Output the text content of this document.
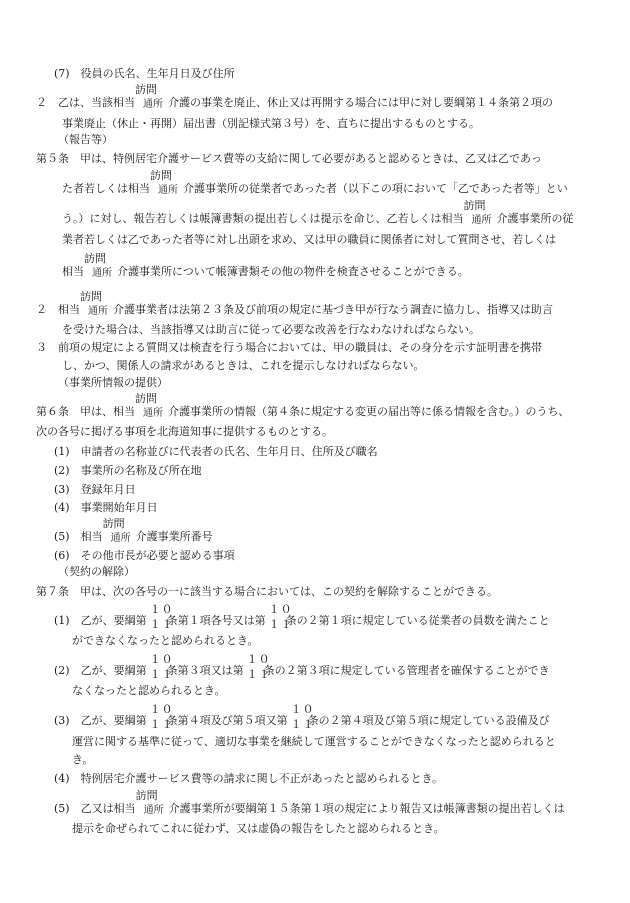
(7)　役員の氏名、生年月日及び住所
２　乙は、当該相当
訪問
通所 介護の事業を廃止、休止又は再開する場合には甲に対し要綱第１４条第２項の
事業廃止（休止・再開）届出書（別記様式第３号）を、直ちに提出するものとする。
（報告等）
第５条　甲は、特例居宅介護サービス費等の支給に関して必要があると認めるときは、乙又は乙であっ
た者若しくは相当
訪問
通所 介護事業所の従業者であった者（以下この項において「乙であった者等」とい
う。）に対し、報告若しくは帳簿書類の提出若しくは提示を命じ、乙若しくは相当
訪問
通所 介護事業所の従
業者若しくは乙であった者等に対し出頭を求め、又は甲の職員に関係者に対して質問させ、若しくは
相当
訪問
通所 介護事業所について帳簿書類その他の物件を検査させることができる。
２　相当
訪問
通所 介護事業者は法第２３条及び前項の規定に基づき甲が行なう調査に協力し、指導又は助言
を受けた場合は、当該指導又は助言に従って必要な改善を行なわなければならない。
３　前項の規定による質問又は検査を行う場合においては、甲の職員は、その身分を示す証明書を携帯
し、かつ、関係人の請求があるときは、これを提示しなければならない。
（事業所情報の提供）
第６条　甲は、相当
訪問
通所 介護事業所の情報（第４条に規定する変更の届出等に係る情報を含む。）のうち、
次の各号に掲げる事項を北海道知事に提供するものとする。
(1)　申請者の名称並びに代表者の氏名、生年月日、住所及び職名
(2)　事業所の名称及び所在地
(3)　登録年月日
(4)　事業開始年月日
(5)　相当
訪問
通所 介護事業所番号
(6)　その他市長が必要と認める事項
（契約の解除）
第７条　甲は、次の各号の一に該当する場合においては、この契約を解除することができる。
(1)　乙が、要綱第
１０
１１
条第１項各号又は第
１０
１１
条の２第１項に規定している従業者の員数を満たこと
ができなくなったと認められるとき。
(2)　乙が、要綱第
１０
１１
条第３項又は第
１０
１１
条の２第３項に規定している管理者を確保することができ
なくなったと認められるとき。
(3)　乙が、要綱第
１０
１１
条第４項及び第５項又第
１０
１１
条の２第４項及び第５項に規定している設備及び
運営に関する基準に従って、適切な事業を継続して運営することができなくなったと認められると
き。
(4)　特例居宅介護サービス費等の請求に関し不正があったと認められるとき。
(5)　乙又は相当
訪問
通所 介護事業所が要綱第１５条第１項の規定により報告又は帳簿書類の提出若しくは
提示を命ぜられてこれに従わず、又は虚偽の報告をしたと認められるとき。
